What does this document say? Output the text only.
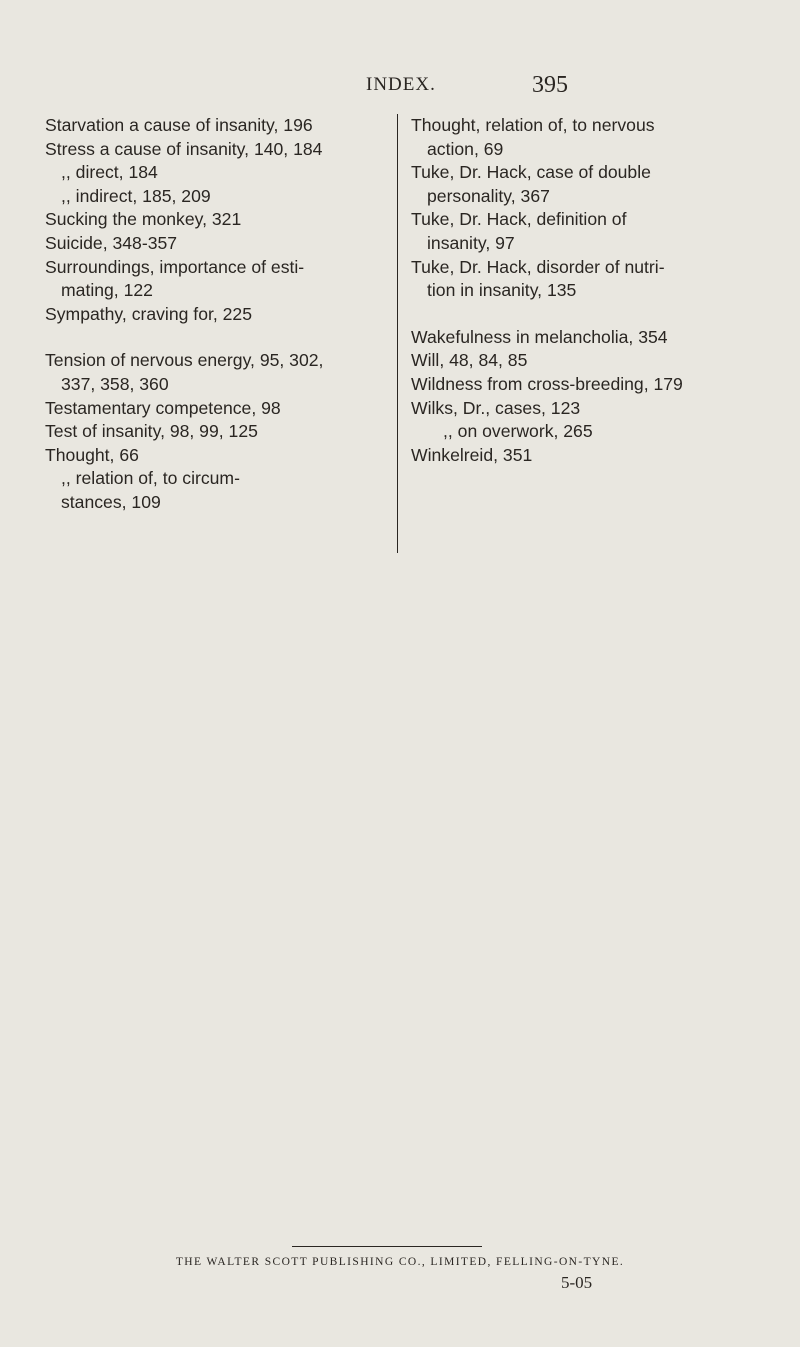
INDEX.	395
Starvation a cause of insanity, 196
Stress a cause of insanity, 140, 184
,, direct, 184
,, indirect, 185, 209
Sucking the monkey, 321
Suicide, 348-357
Surroundings, importance of esti-
mating, 122
Sympathy, craving for, 225
Tension of nervous energy, 95, 302,
337, 358, 360
Testamentary competence, 98
Test of insanity, 98, 99, 125
Thought, 66
,, relation of, to circum-
stances, 109
Thought, relation of, to nervous
action, 69
Tuke, Dr. Hack, case of double
personality, 367
Tuke, Dr. Hack, definition of
insanity, 97
Tuke, Dr. Hack, disorder of nutri-
tion in insanity, 135
Wakefulness in melancholia, 354
Will, 48, 84, 85
Wildness from cross-breeding, 179
Wilks, Dr., cases, 123
,, on overwork, 265
Winkelreid, 351
THE WALTER SCOTT PUBLISHING CO., LIMITED, FELLING-ON-TYNE.
5-05
